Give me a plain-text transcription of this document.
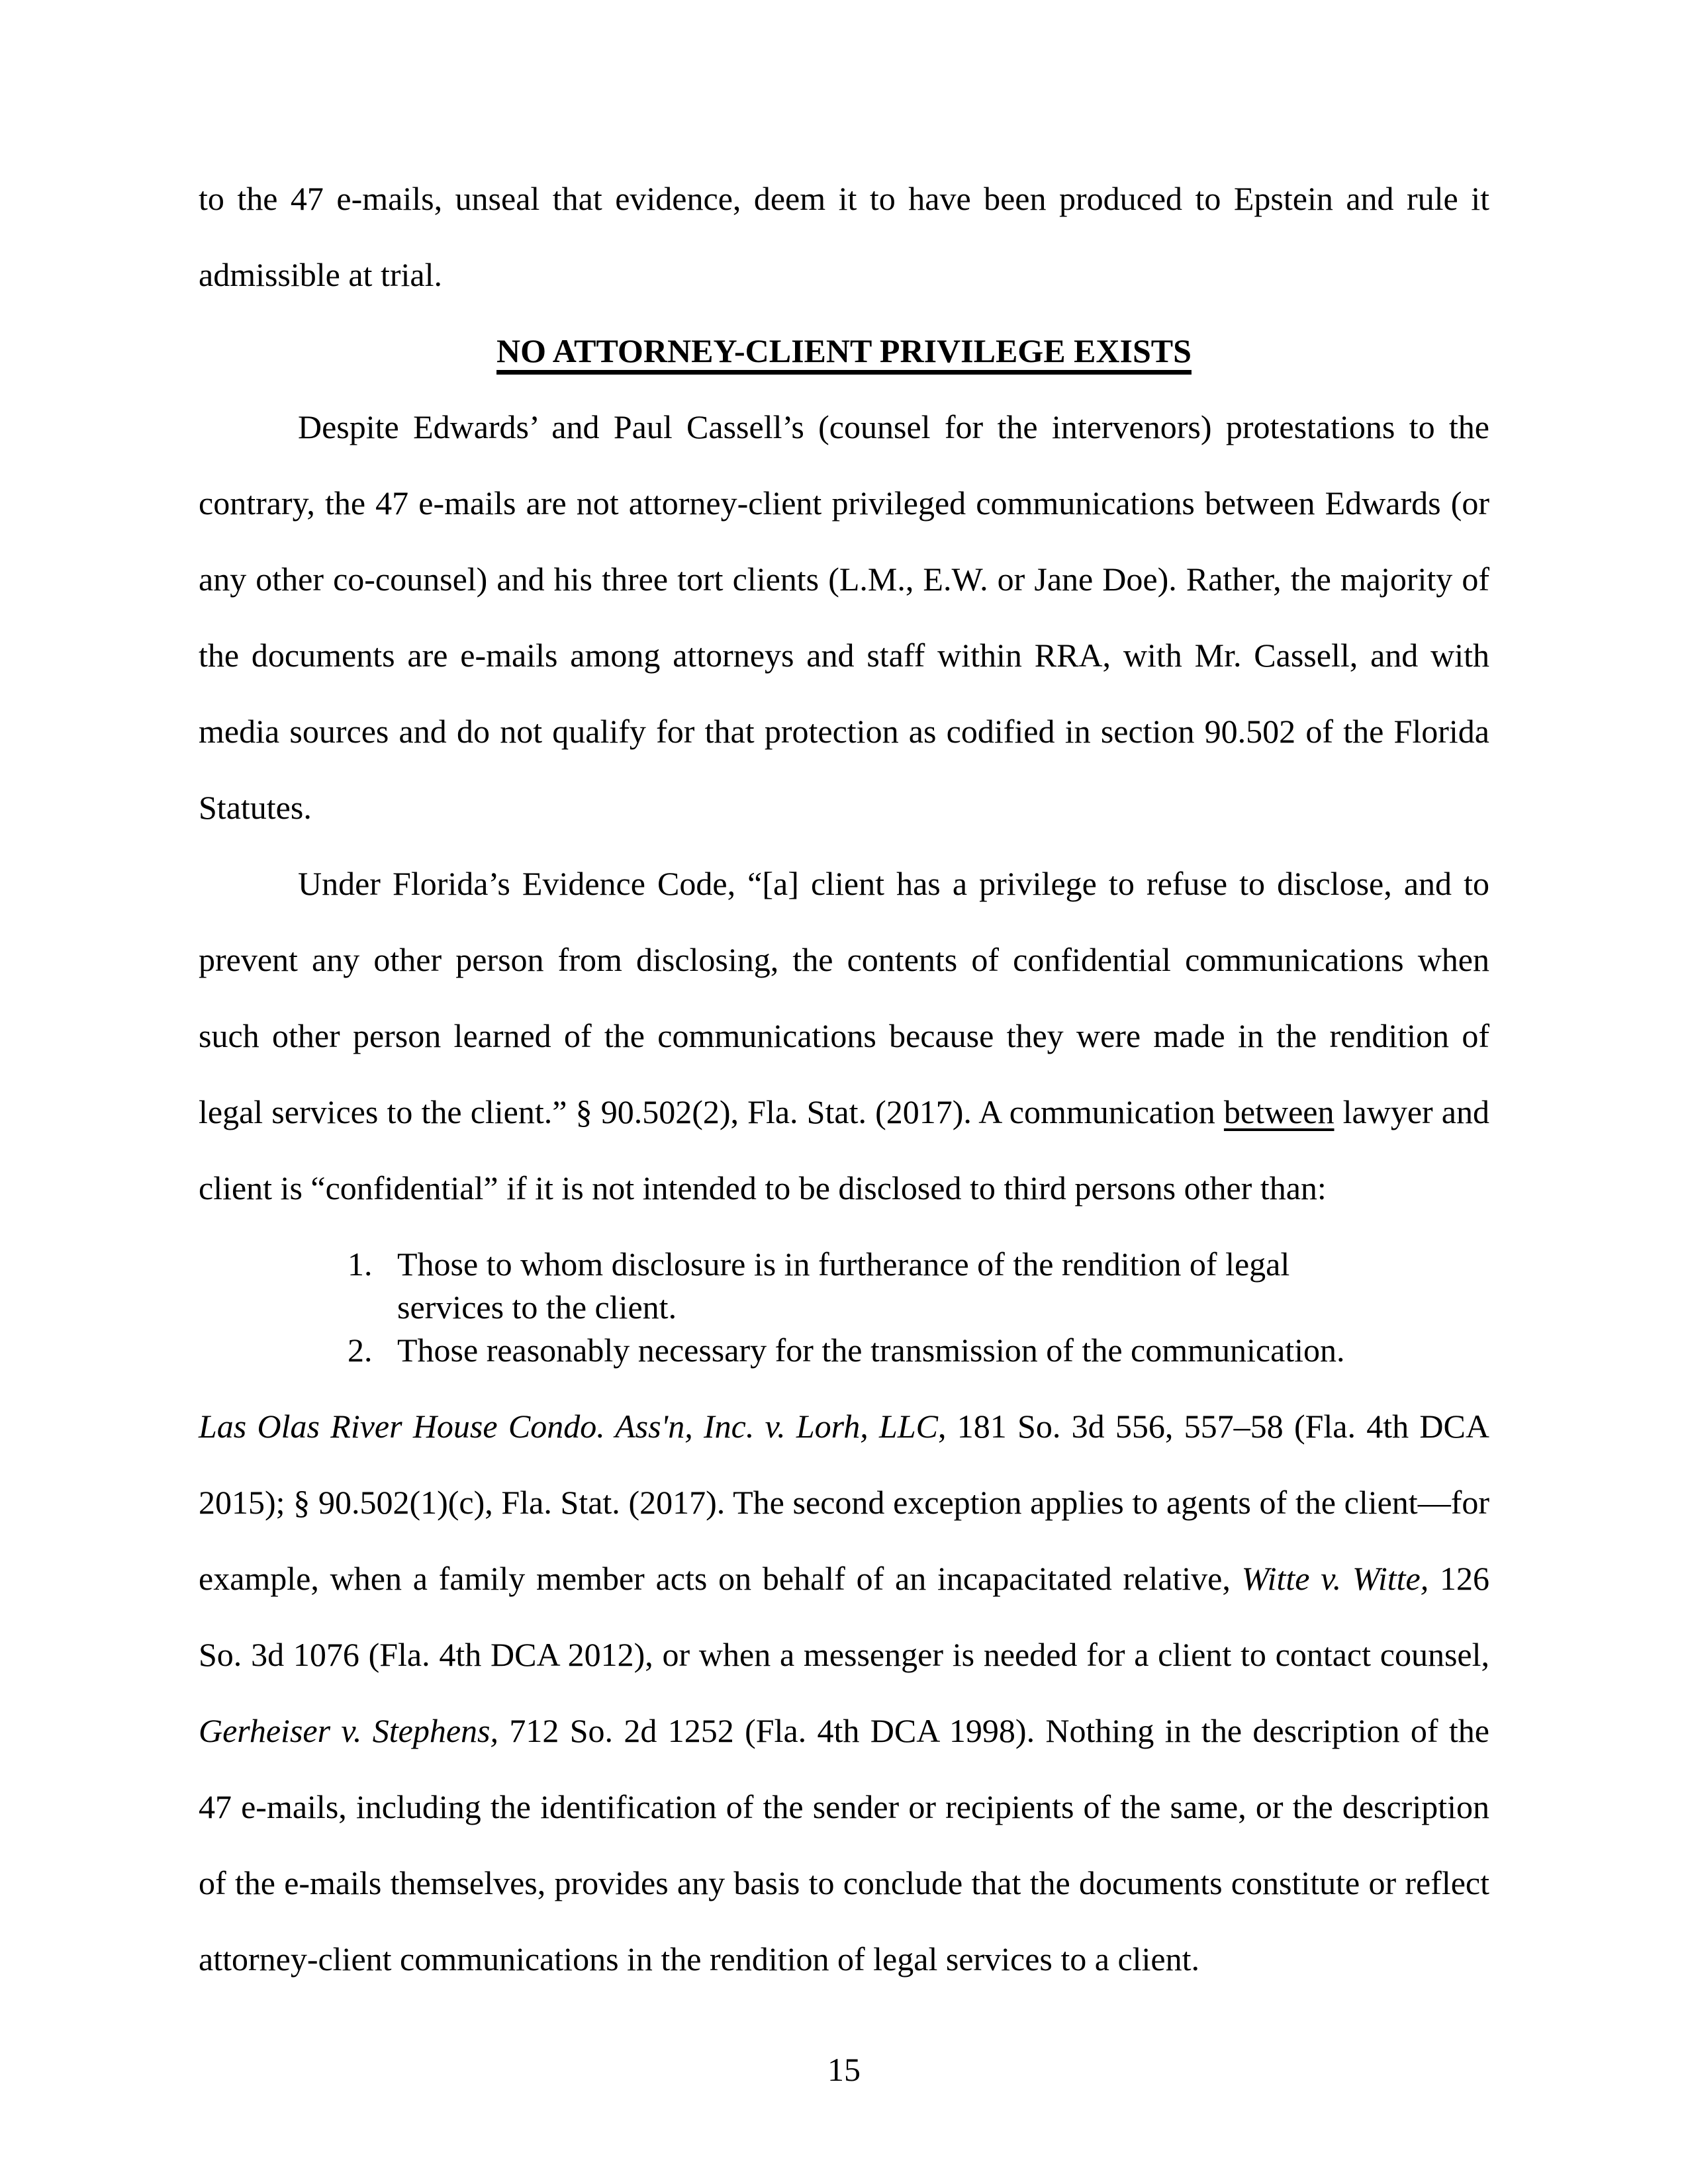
to the 47 e-mails, unseal that evidence, deem it to have been produced to Epstein and rule it admissible at trial.

NO ATTORNEY-CLIENT PRIVILEGE EXISTS

Despite Edwards’ and Paul Cassell’s (counsel for the intervenors) protestations to the contrary, the 47 e-mails are not attorney-client privileged communications between Edwards (or any other co-counsel) and his three tort clients (L.M., E.W. or Jane Doe). Rather, the majority of the documents are e-mails among attorneys and staff within RRA, with Mr. Cassell, and with media sources and do not qualify for that protection as codified in section 90.502 of the Florida Statutes.

Under Florida’s Evidence Code, “[a] client has a privilege to refuse to disclose, and to prevent any other person from disclosing, the contents of confidential communications when such other person learned of the communications because they were made in the rendition of legal services to the client.” § 90.502(2), Fla. Stat. (2017). A communication between lawyer and client is “confidential” if it is not intended to be disclosed to third persons other than:

1. Those to whom disclosure is in furtherance of the rendition of legal services to the client.
2. Those reasonably necessary for the transmission of the communication.

Las Olas River House Condo. Ass'n, Inc. v. Lorh, LLC, 181 So. 3d 556, 557–58 (Fla. 4th DCA 2015); § 90.502(1)(c), Fla. Stat. (2017). The second exception applies to agents of the client—for example, when a family member acts on behalf of an incapacitated relative, Witte v. Witte, 126 So. 3d 1076 (Fla. 4th DCA 2012), or when a messenger is needed for a client to contact counsel, Gerheiser v. Stephens, 712 So. 2d 1252 (Fla. 4th DCA 1998). Nothing in the description of the 47 e-mails, including the identification of the sender or recipients of the same, or the description of the e-mails themselves, provides any basis to conclude that the documents constitute or reflect attorney-client communications in the rendition of legal services to a client.

15
